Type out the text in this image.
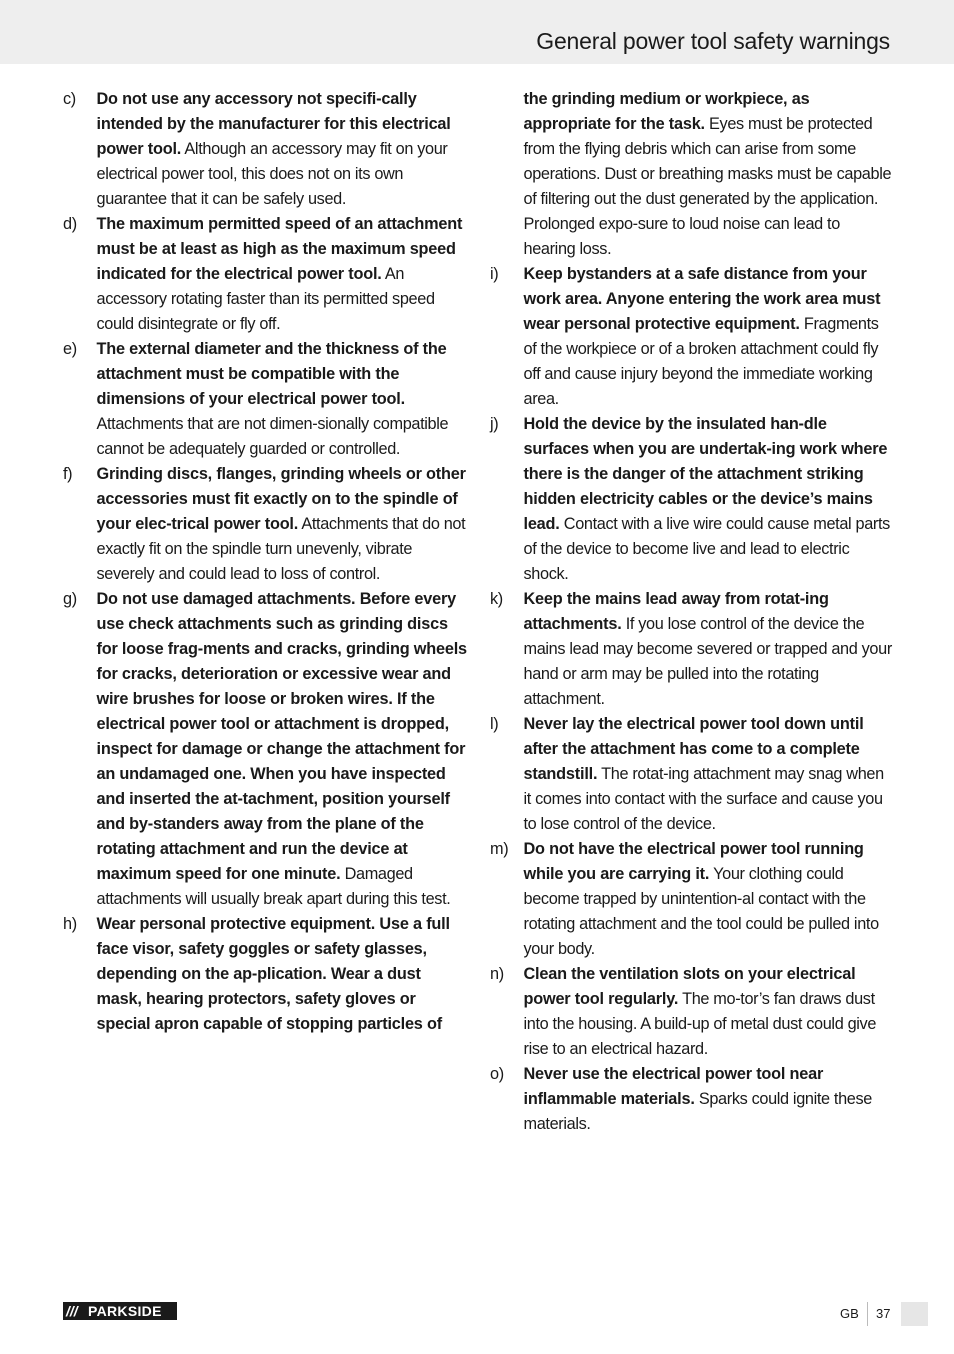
General power tool safety warnings
c)	Do not use any accessory not specifi-cally intended by the manufacturer for this electrical power tool. Although an accessory may fit on your electrical power tool, this does not on its own guarantee that it can be safely used.
d)	The maximum permitted speed of an attachment must be at least as high as the maximum speed indicated for the electrical power tool. An accessory rotating faster than its permitted speed could disintegrate or fly off.
e)	The external diameter and the thickness of the attachment must be compatible with the dimensions of your electrical power tool. Attachments that are not dimen-sionally compatible cannot be adequately guarded or controlled.
f)	Grinding discs, flanges, grinding wheels or other accessories must fit exactly on to the spindle of your elec-trical power tool. Attachments that do not exactly fit on the spindle turn unevenly, vibrate severely and could lead to loss of control.
g)	Do not use damaged attachments. Before every use check attachments such as grinding discs for loose frag-ments and cracks, grinding wheels for cracks, deterioration or excessive wear and wire brushes for loose or broken wires. If the electrical power tool or attachment is dropped, inspect for damage or change the attachment for an undamaged one. When you have inspected and inserted the at-tachment, position yourself and by-standers away from the plane of the rotating attachment and run the device at maximum speed for one minute. Damaged attachments will usually break apart during this test.
h)	Wear personal protective equipment. Use a full face visor, safety goggles or safety glasses, depending on the ap-plication. Wear a dust mask, hearing protectors, safety gloves or special apron capable of stopping particles of
the grinding medium or workpiece, as appropriate for the task. Eyes must be protected from the flying debris which can arise from some operations. Dust or breathing masks must be capable of filtering out the dust generated by the application. Prolonged expo-sure to loud noise can lead to hearing loss.
i)	Keep bystanders at a safe distance from your work area. Anyone entering the work area must wear personal protective equipment. Fragments of the workpiece or of a broken attachment could fly off and cause injury beyond the immediate working area.
j)	Hold the device by the insulated han-dle surfaces when you are undertak-ing work where there is the danger of the attachment striking hidden electricity cables or the device’s mains lead. Contact with a live wire could cause metal parts of the device to become live and lead to electric shock.
k)	Keep the mains lead away from rotat-ing attachments. If you lose control of the device the mains lead may become severed or trapped and your hand or arm may be pulled into the rotating attachment.
l)	Never lay the electrical power tool down until after the attachment has come to a complete standstill. The rotat-ing attachment may snag when it comes into contact with the surface and cause you to lose control of the device.
m) Do not have the electrical power tool running while you are carrying it. Your clothing could become trapped by unintention-al contact with the rotating attachment and the tool could be pulled into your body.
n)	Clean the ventilation slots on your electrical power tool regularly. The mo-tor’s fan draws dust into the housing. A build-up of metal dust could give rise to an electrical hazard.
o)	Never use the electrical power tool near inflammable materials. Sparks could ignite these materials.
/// PARKSIDE	GB 37
